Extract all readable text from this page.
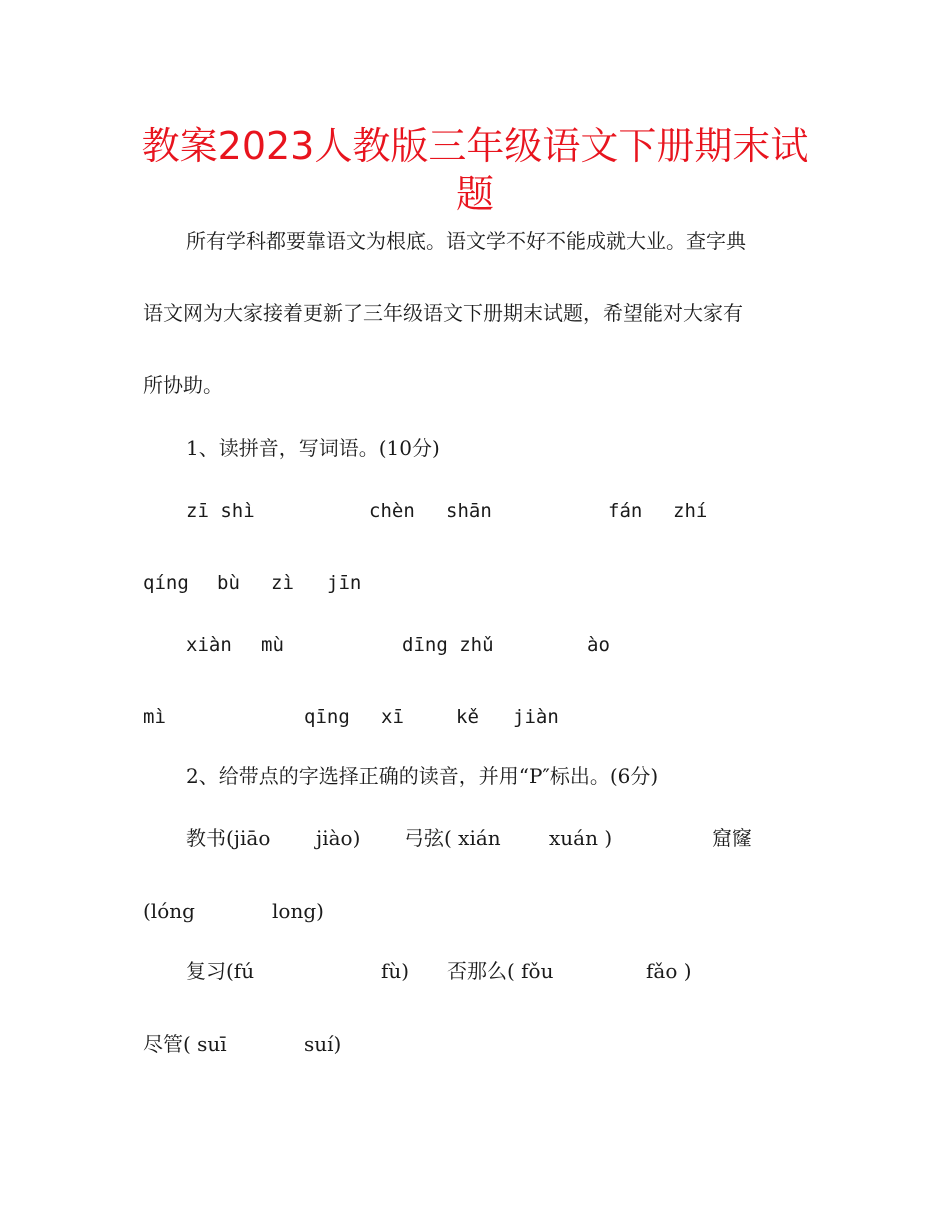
教案2023人教版三年级语文下册期末试
题
所有学科都要靠语文为根底。语文学不好不能成就大业。查字典
语文网为大家接着更新了三年级语文下册期末试题，希望能对大家有
所协助。
1、读拼音，写词语。(10分)
zī shì	chèn shān	fán zhí
qíng bù zì jīn
xiàn mù	dīng zhǔ	ào
mì	qīng xī	kě jiàn
2、给带点的字选择正确的读音，并用“P″标出。(6分)
教书(jiāo jiào) 弓弦( xián xuán )	窟窿
(lóng	long)
复习(fú	fù) 否那么( fǒu	fǎo )
尽管( suī	suí)
